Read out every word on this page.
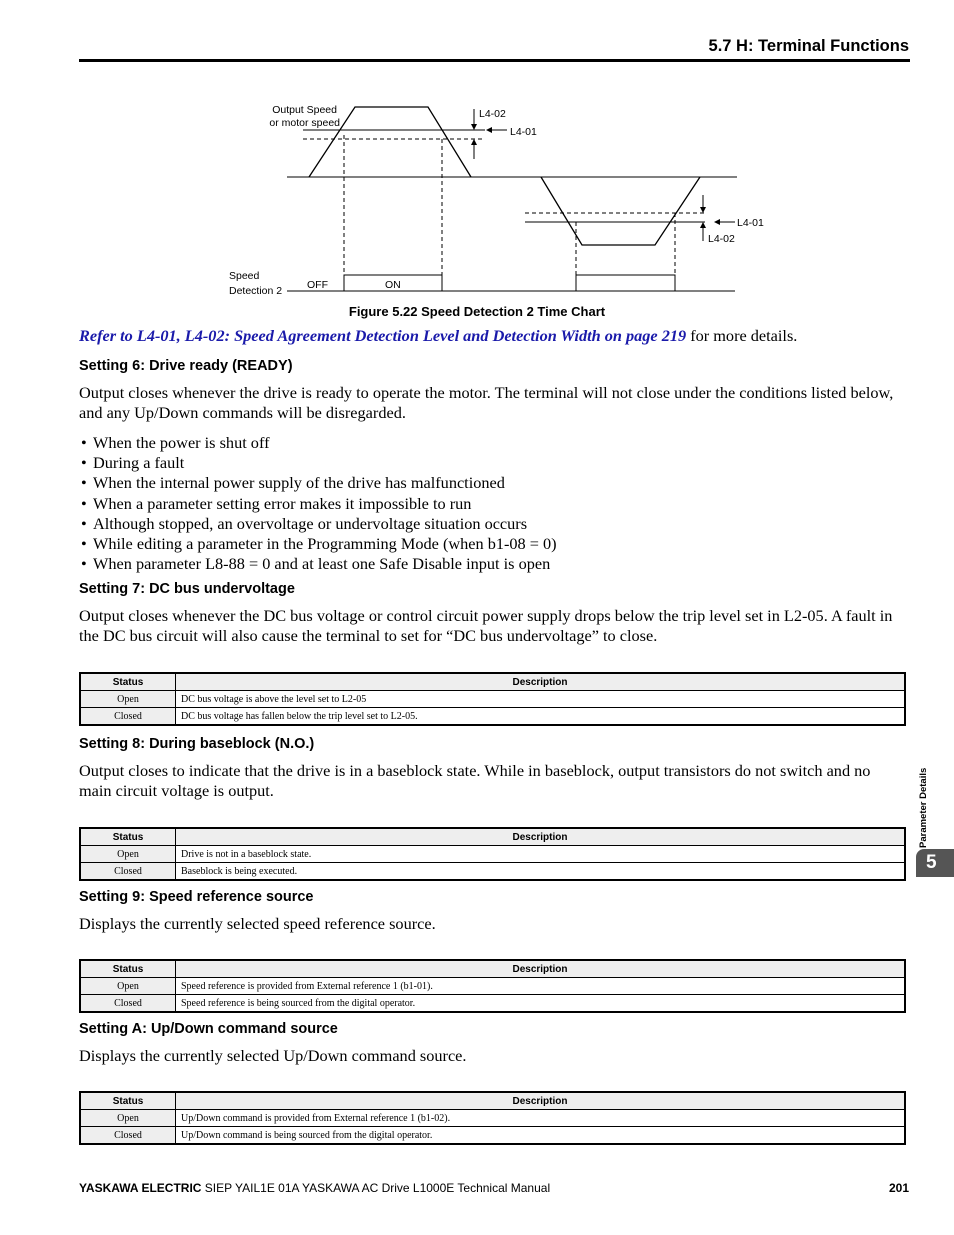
5.7 H: Terminal Functions
Output Speed
or motor speed
L4-02
L4-01
L4-01
L4-02
Speed
Detection 2 OFF	ON
Figure 5.22 Speed Detection 2 Time Chart
Refer to L4-01, L4-02: Speed Agreement Detection Level and Detection Width on page 219 for more details.
Setting 6: Drive ready (READY)
Output closes whenever the drive is ready to operate the motor. The terminal will not close under the conditions listed below, and any Up/Down commands will be disregarded.
• When the power is shut off
• During a fault
• When the internal power supply of the drive has malfunctioned
• When a parameter setting error makes it impossible to run
• Although stopped, an overvoltage or undervoltage situation occurs
• While editing a parameter in the Programming Mode (when b1-08 = 0)
• When parameter L8-88 = 0 and at least one Safe Disable input is open
Setting 7: DC bus undervoltage
Output closes whenever the DC bus voltage or control circuit power supply drops below the trip level set in L2-05. A fault in the DC bus circuit will also cause the terminal to set for “DC bus undervoltage” to close.
Status	Description
Open	DC bus voltage is above the level set to L2-05
Closed	DC bus voltage has fallen below the trip level set to L2-05.
Setting 8: During baseblock (N.O.)
Output closes to indicate that the drive is in a baseblock state. While in baseblock, output transistors do not switch and no main circuit voltage is output.
Status	Description
Open	Drive is not in a baseblock state.
Closed	Baseblock is being executed.
Setting 9: Speed reference source
Displays the currently selected speed reference source.
Status	Description
Open	Speed reference is provided from External reference 1 (b1-01).
Closed	Speed reference is being sourced from the digital operator.
Setting A: Up/Down command source
Displays the currently selected Up/Down command source.
Status	Description
Open	Up/Down command is provided from External reference 1 (b1-02).
Closed	Up/Down command is being sourced from the digital operator.
Parameter Details
5
YASKAWA ELECTRIC SIEP YAIL1E 01A YASKAWA AC Drive L1000E Technical Manual	201
